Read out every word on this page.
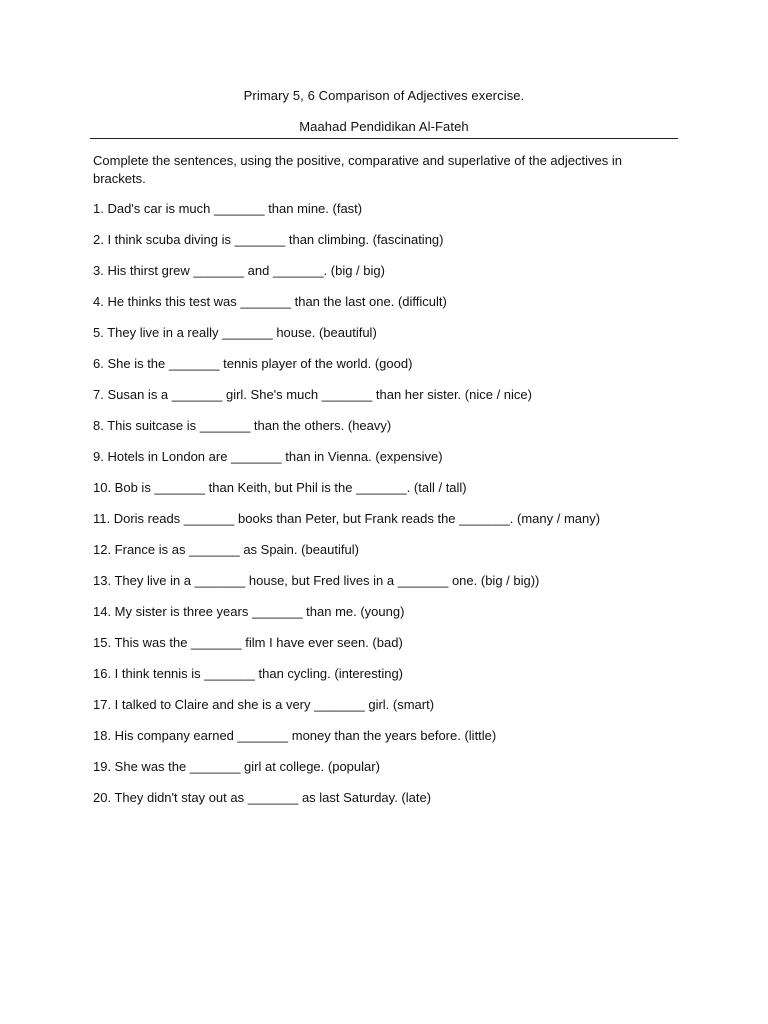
Primary 5, 6 Comparison of Adjectives exercise.
Maahad Pendidikan Al-Fateh
Complete the sentences, using the positive, comparative and superlative of the adjectives in brackets.
1. Dad's car is much _______ than mine. (fast)
2. I think scuba diving is _______ than climbing. (fascinating)
3. His thirst grew _______ and _______. (big / big)
4. He thinks this test was _______ than the last one. (difficult)
5. They live in a really _______ house. (beautiful)
6. She is the _______ tennis player of the world. (good)
7. Susan is a _______ girl. She's much _______ than her sister. (nice / nice)
8. This suitcase is _______ than the others. (heavy)
9. Hotels in London are _______ than in Vienna. (expensive)
10. Bob is _______ than Keith, but Phil is the _______. (tall / tall)
11. Doris reads _______ books than Peter, but Frank reads the _______. (many / many)
12. France is as _______ as Spain. (beautiful)
13. They live in a _______ house, but Fred lives in a _______ one. (big / big))
14. My sister is three years _______ than me. (young)
15. This was the _______ film I have ever seen. (bad)
16. I think tennis is _______ than cycling. (interesting)
17. I talked to Claire and she is a very _______ girl. (smart)
18. His company earned _______ money than the years before. (little)
19. She was the _______ girl at college. (popular)
20. They didn't stay out as _______ as last Saturday. (late)
